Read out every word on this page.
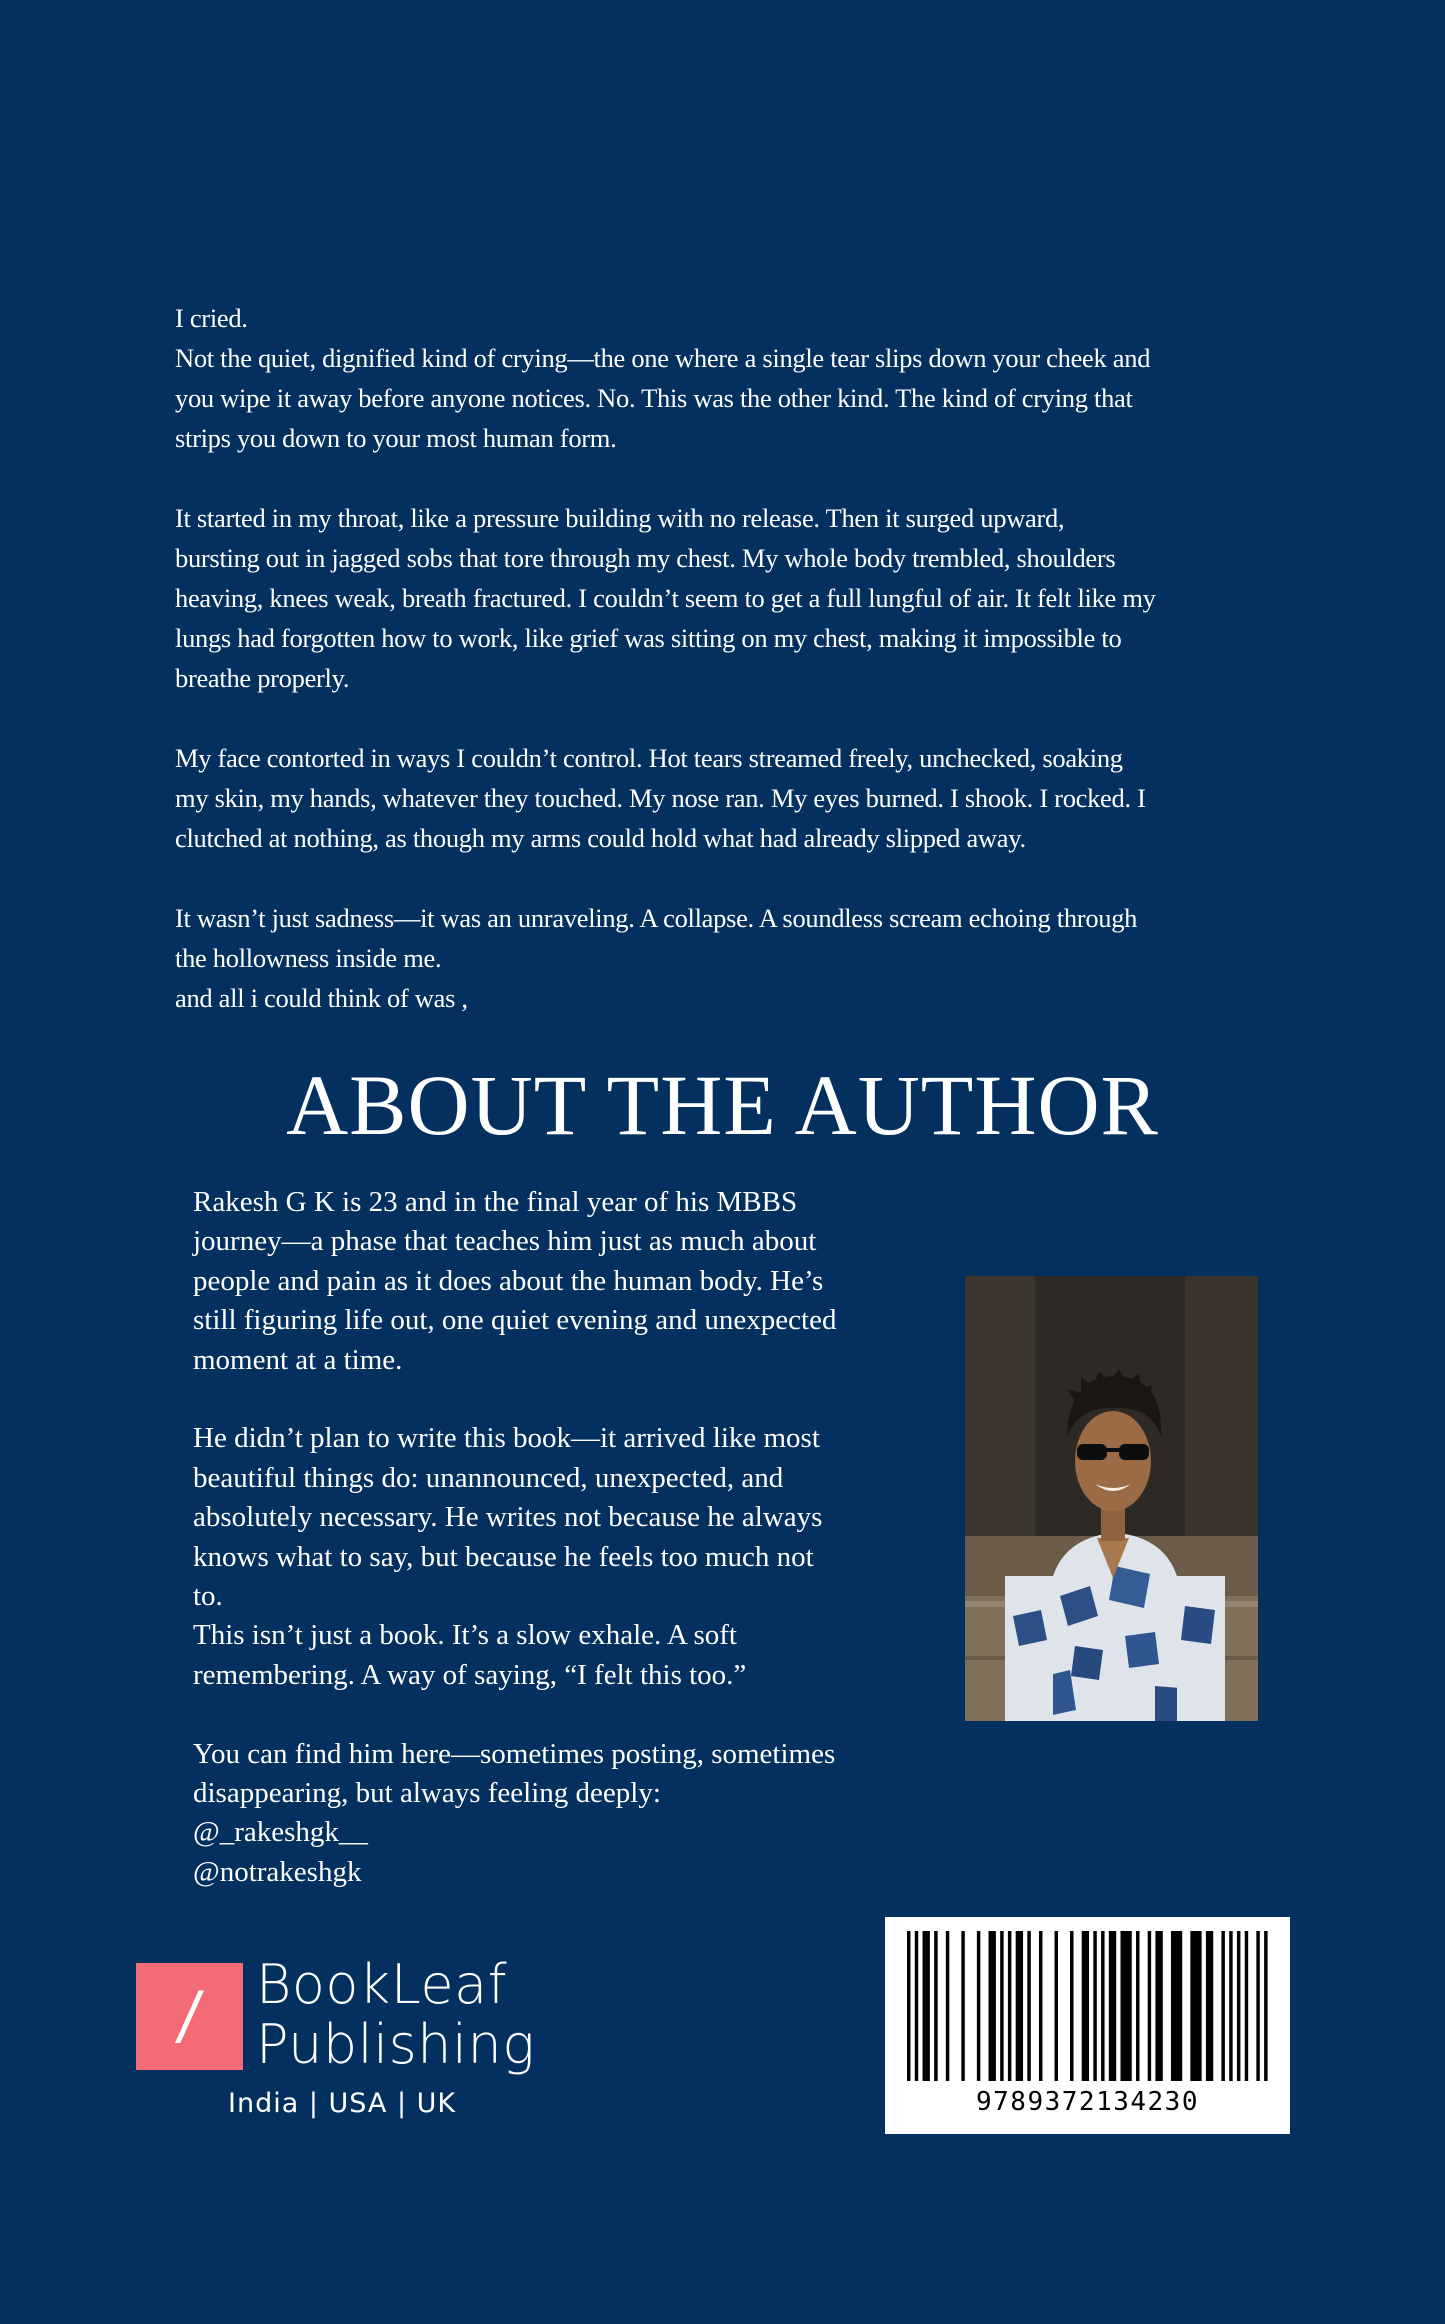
I cried.
Not the quiet, dignified kind of crying—the one where a single tear slips down your cheek and
you wipe it away before anyone notices. No. This was the other kind. The kind of crying that
strips you down to your most human form.

It started in my throat, like a pressure building with no release. Then it surged upward,
bursting out in jagged sobs that tore through my chest. My whole body trembled, shoulders
heaving, knees weak, breath fractured. I couldn’t seem to get a full lungful of air. It felt like my
lungs had forgotten how to work, like grief was sitting on my chest, making it impossible to
breathe properly.

My face contorted in ways I couldn’t control. Hot tears streamed freely, unchecked, soaking
my skin, my hands, whatever they touched. My nose ran. My eyes burned. I shook. I rocked. I
clutched at nothing, as though my arms could hold what had already slipped away.

It wasn’t just sadness—it was an unraveling. A collapse. A soundless scream echoing through
the hollowness inside me.
and all i could think of was ,

ABOUT THE AUTHOR

Rakesh G K is 23 and in the final year of his MBBS
journey—a phase that teaches him just as much about
people and pain as it does about the human body. He’s
still figuring life out, one quiet evening and unexpected
moment at a time.

He didn’t plan to write this book—it arrived like most
beautiful things do: unannounced, unexpected, and
absolutely necessary. He writes not because he always
knows what to say, but because he feels too much not
to.
This isn’t just a book. It’s a slow exhale. A soft
remembering. A way of saying, “I felt this too.”

You can find him here—sometimes posting, sometimes
disappearing, but always feeling deeply:
@_rakeshgk__
@notrakeshgk

/ BookLeaf
Publishing
India | USA | UK	9789372134230
